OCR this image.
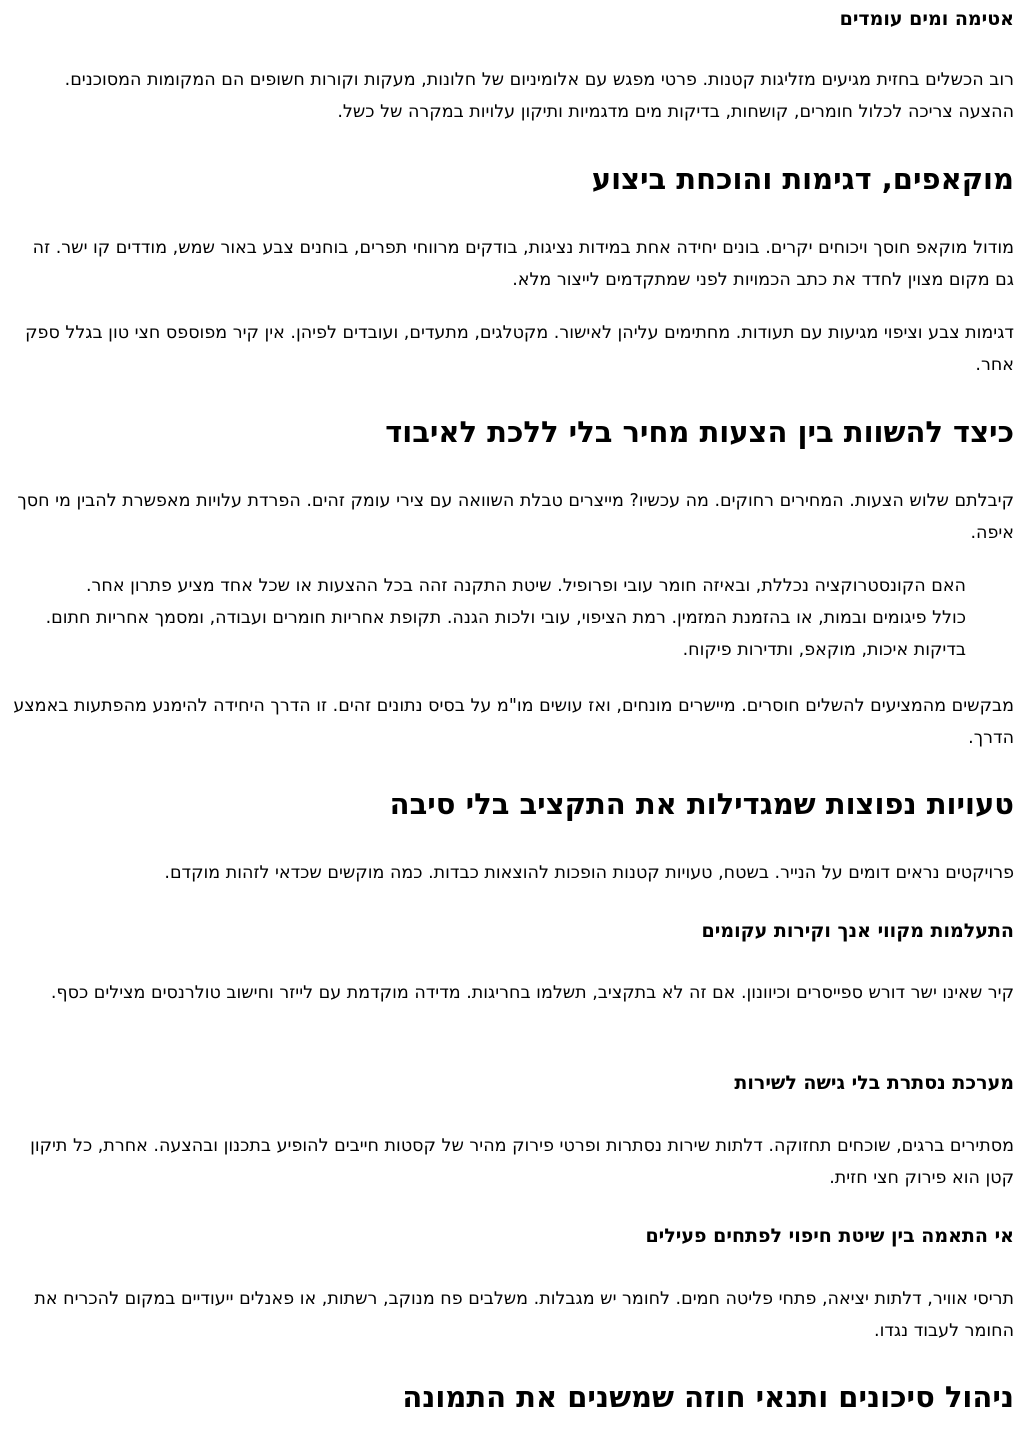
אטימה ומים עומדים

רוב הכשלים בחזית מגיעים מזליגות קטנות. פרטי מפגש עם אלומיניום של חלונות, מעקות וקורות חשופים הם המקומות המסוכנים. ההצעה צריכה לכלול חומרים, קושחות, בדיקות מים מדגמיות ותיקון עלויות במקרה של כשל.

מוקאפים, דגימות והוכחת ביצוע

מודול מוקאפ חוסך ויכוחים יקרים. בונים יחידה אחת במידות נציגות, בודקים מרווחי תפרים, בוחנים צבע באור שמש, מודדים קו ישר. זה גם מקום מצוין לחדד את כתב הכמויות לפני שמתקדמים לייצור מלא.

דגימות צבע וציפוי מגיעות עם תעודות. מחתימים עליהן לאישור. מקטלגים, מתעדים, ועובדים לפיהן. אין קיר מפוספס חצי טון בגלל ספק אחר.

כיצד להשוות בין הצעות מחיר בלי ללכת לאיבוד

קיבלתם שלוש הצעות. המחירים רחוקים. מה עכשיו? מייצרים טבלת השוואה עם צירי עומק זהים. הפרדת עלויות מאפשרת להבין מי חסך איפה.

האם הקונסטרוקציה נכללת, ובאיזה חומר עובי ופרופיל. שיטת התקנה זהה בכל ההצעות או שכל אחד מציע פתרון אחר.
כולל פיגומים ובמות, או בהזמנת המזמין. רמת הציפוי, עובי ולכות הגנה. תקופת אחריות חומרים ועבודה, ומסמך אחריות חתום. בדיקות איכות, מוקאפ, ותדירות פיקוח.

מבקשים מהמציעים להשלים חוסרים. מיישרים מונחים, ואז עושים מו"מ על בסיס נתונים זהים. זו הדרך היחידה להימנע מהפתעות באמצע הדרך.

טעויות נפוצות שמגדילות את התקציב בלי סיבה

פרויקטים נראים דומים על הנייר. בשטח, טעויות קטנות הופכות להוצאות כבדות. כמה מוקשים שכדאי לזהות מוקדם.

התעלמות מקווי אנך וקירות עקומים

קיר שאינו ישר דורש ספייסרים וכיוונון. אם זה לא בתקציב, תשלמו בחריגות. מדידה מוקדמת עם לייזר וחישוב טולרנסים מצילים כסף.

מערכת נסתרת בלי גישה לשירות

מסתירים ברגים, שוכחים תחזוקה. דלתות שירות נסתרות ופרטי פירוק מהיר של קסטות חייבים להופיע בתכנון ובהצעה. אחרת, כל תיקון קטן הוא פירוק חצי חזית.

אי התאמה בין שיטת חיפוי לפתחים פעילים

תריסי אוויר, דלתות יציאה, פתחי פליטה חמים. לחומר יש מגבלות. משלבים פח מנוקב, רשתות, או פאנלים ייעודיים במקום להכריח את החומר לעבוד נגדו.

ניהול סיכונים ותנאי חוזה שמשנים את התמונה
